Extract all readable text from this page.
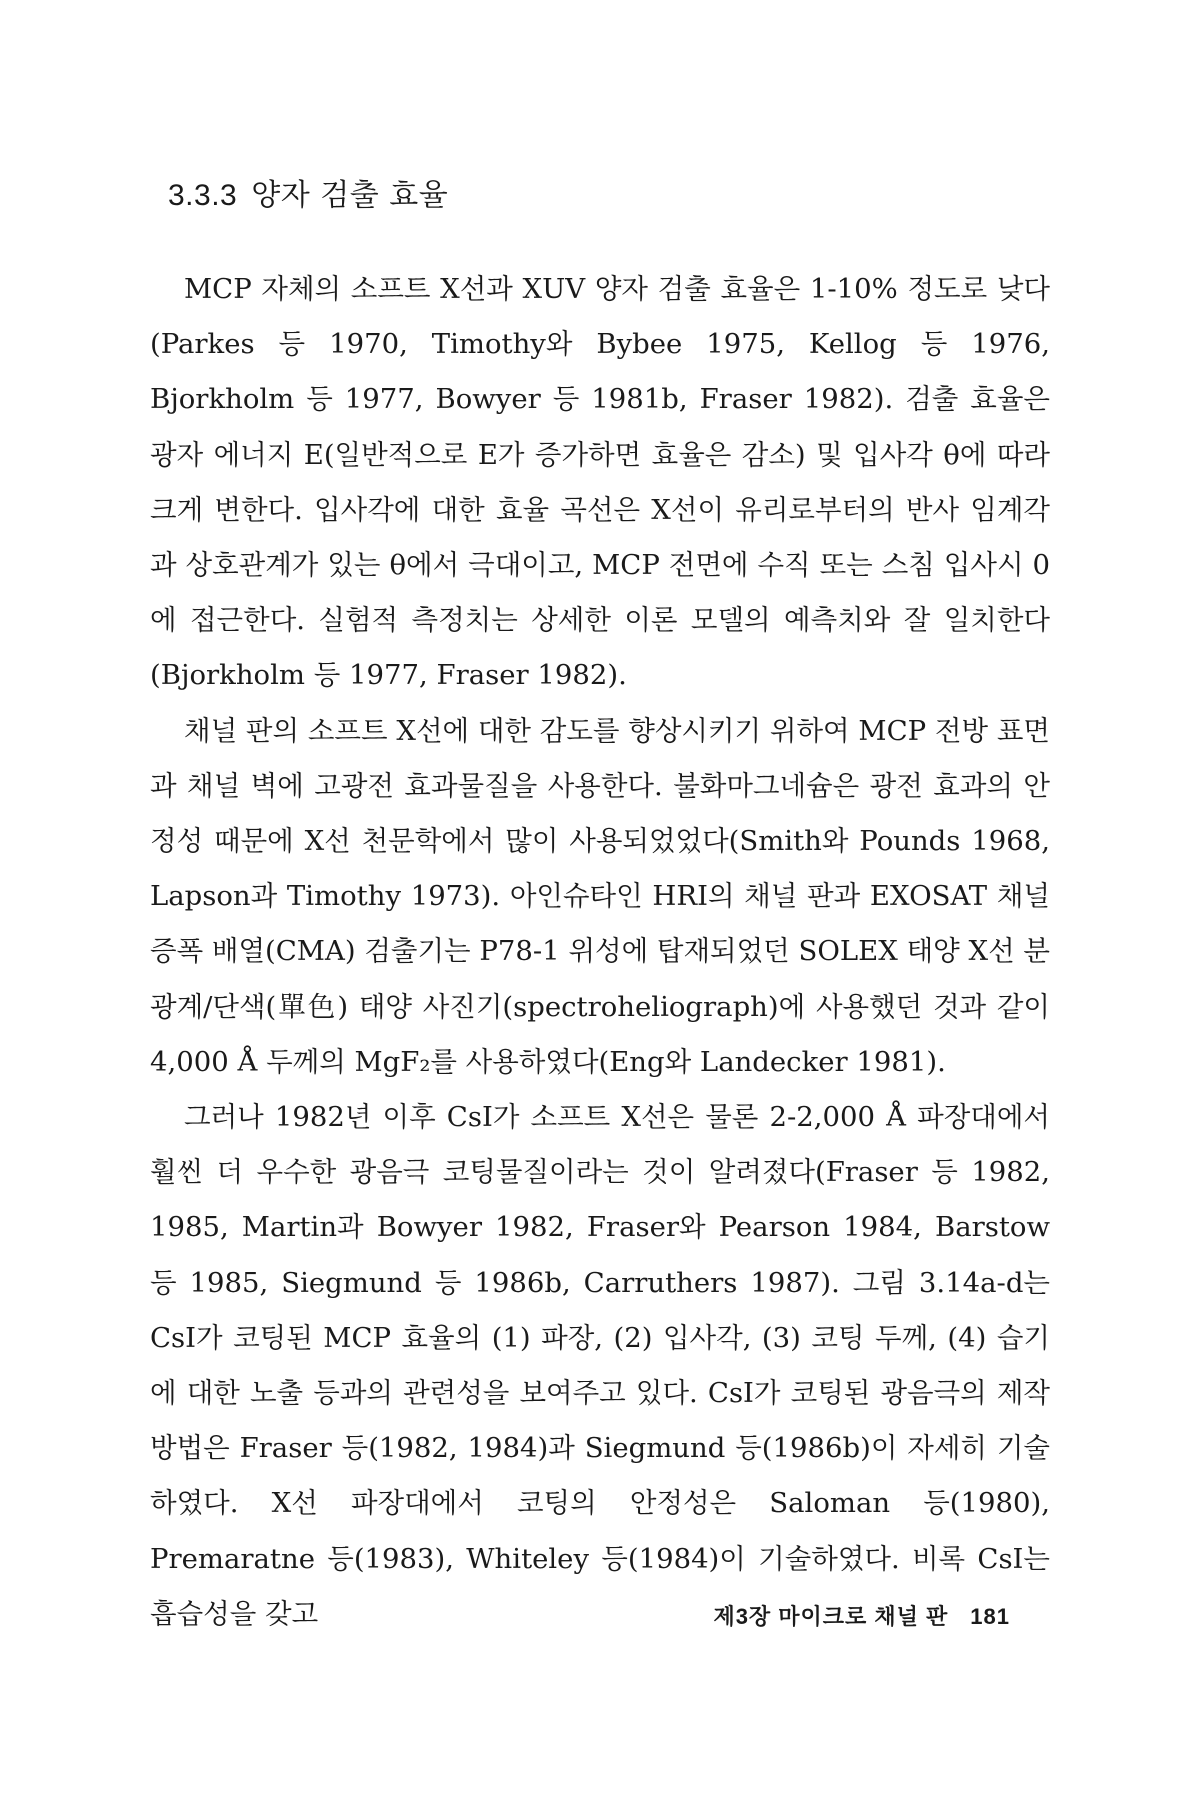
3.3.3 양자 검출 효율

MCP 자체의 소프트 X선과 XUV 양자 검출 효율은 1-10% 정도로 낮다(Parkes 등 1970, Timothy와 Bybee 1975, Kellog 등 1976, Bjorkholm 등 1977, Bowyer 등 1981b, Fraser 1982). 검출 효율은 광자 에너지 E(일반적으로 E가 증가하면 효율은 감소) 및 입사각 θ에 따라 크게 변한다. 입사각에 대한 효율 곡선은 X선이 유리로부터의 반사 임계각과 상호관계가 있는 θ에서 극대이고, MCP 전면에 수직 또는 스침 입사시 0에 접근한다. 실험적 측정치는 상세한 이론 모델의 예측치와 잘 일치한다(Bjorkholm 등 1977, Fraser 1982).

채널 판의 소프트 X선에 대한 감도를 향상시키기 위하여 MCP 전방 표면과 채널 벽에 고광전 효과물질을 사용한다. 불화마그네슘은 광전 효과의 안정성 때문에 X선 천문학에서 많이 사용되었었다(Smith와 Pounds 1968, Lapson과 Timothy 1973). 아인슈타인 HRI의 채널 판과 EXOSAT 채널 증폭 배열(CMA) 검출기는 P78-1 위성에 탑재되었던 SOLEX 태양 X선 분광계/단색(單色) 태양 사진기(spectroheliograph)에 사용했던 것과 같이 4,000 Å 두께의 MgF₂를 사용하였다(Eng와 Landecker 1981).

그러나 1982년 이후 CsI가 소프트 X선은 물론 2-2,000 Å 파장대에서 훨씬 더 우수한 광음극 코팅물질이라는 것이 알려졌다(Fraser 등 1982, 1985, Martin과 Bowyer 1982, Fraser와 Pearson 1984, Barstow 등 1985, Siegmund 등 1986b, Carruthers 1987). 그림 3.14a-d는 CsI가 코팅된 MCP 효율의 (1) 파장, (2) 입사각, (3) 코팅 두께, (4) 습기에 대한 노출 등과의 관련성을 보여주고 있다. CsI가 코팅된 광음극의 제작 방법은 Fraser 등(1982, 1984)과 Siegmund 등(1986b)이 자세히 기술하였다. X선 파장대에서 코팅의 안정성은 Saloman 등(1980), Premaratne 등(1983), Whiteley 등(1984)이 기술하였다. 비록 CsI는 흡습성을 갖고	제3장 마이크로 채널 판 181
